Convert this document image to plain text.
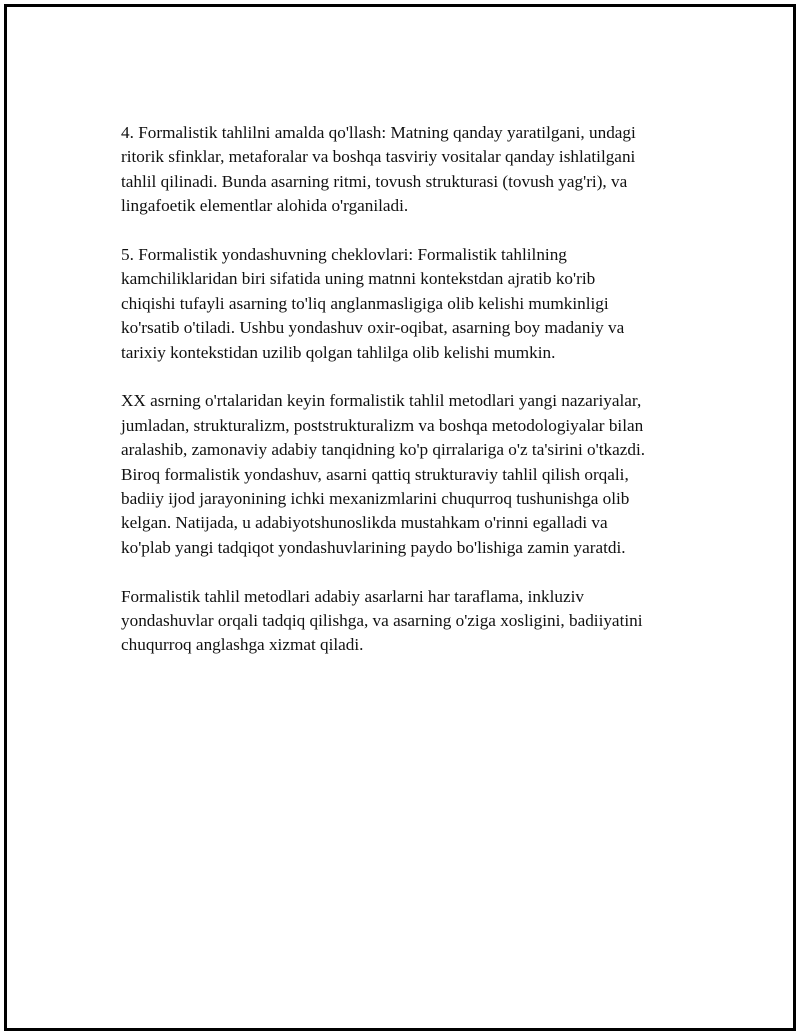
4. Formalistik tahlilni amalda qo'llash: Matning qanday yaratilgani, undagi
ritorik sfinklar, metaforalar va boshqa tasviriy vositalar qanday ishlatilgani
tahlil qilinadi. Bunda asarning ritmi, tovush strukturasi (tovush yag'ri), va
lingafoetik elementlar alohida o'rganiladi.

5. Formalistik yondashuvning cheklovlari: Formalistik tahlilning
kamchiliklaridan biri sifatida uning matnni kontekstdan ajratib ko'rib
chiqishi tufayli asarning to'liq anglanmasligiga olib kelishi mumkinligi
ko'rsatib o'tiladi. Ushbu yondashuv oxir-oqibat, asarning boy madaniy va
tarixiy kontekstidan uzilib qolgan tahlilga olib kelishi mumkin.

XX asrning o'rtalaridan keyin formalistik tahlil metodlari yangi nazariyalar,
jumladan, strukturalizm, poststrukturalizm va boshqa metodologiyalar bilan
aralashib, zamonaviy adabiy tanqidning ko'p qirralariga o'z ta'sirini o'tkazdi.
Biroq formalistik yondashuv, asarni qattiq strukturaviy tahlil qilish orqali,
badiiy ijod jarayonining ichki mexanizmlarini chuqurroq tushunishga olib
kelgan. Natijada, u adabiyotshunoslikda mustahkam o'rinni egalladi va
ko'plab yangi tadqiqot yondashuvlarining paydo bo'lishiga zamin yaratdi.

Formalistik tahlil metodlari adabiy asarlarni har taraflama, inkluziv
yondashuvlar orqali tadqiq qilishga, va asarning o'ziga xosligini, badiiyatini
chuqurroq anglashga xizmat qiladi.
